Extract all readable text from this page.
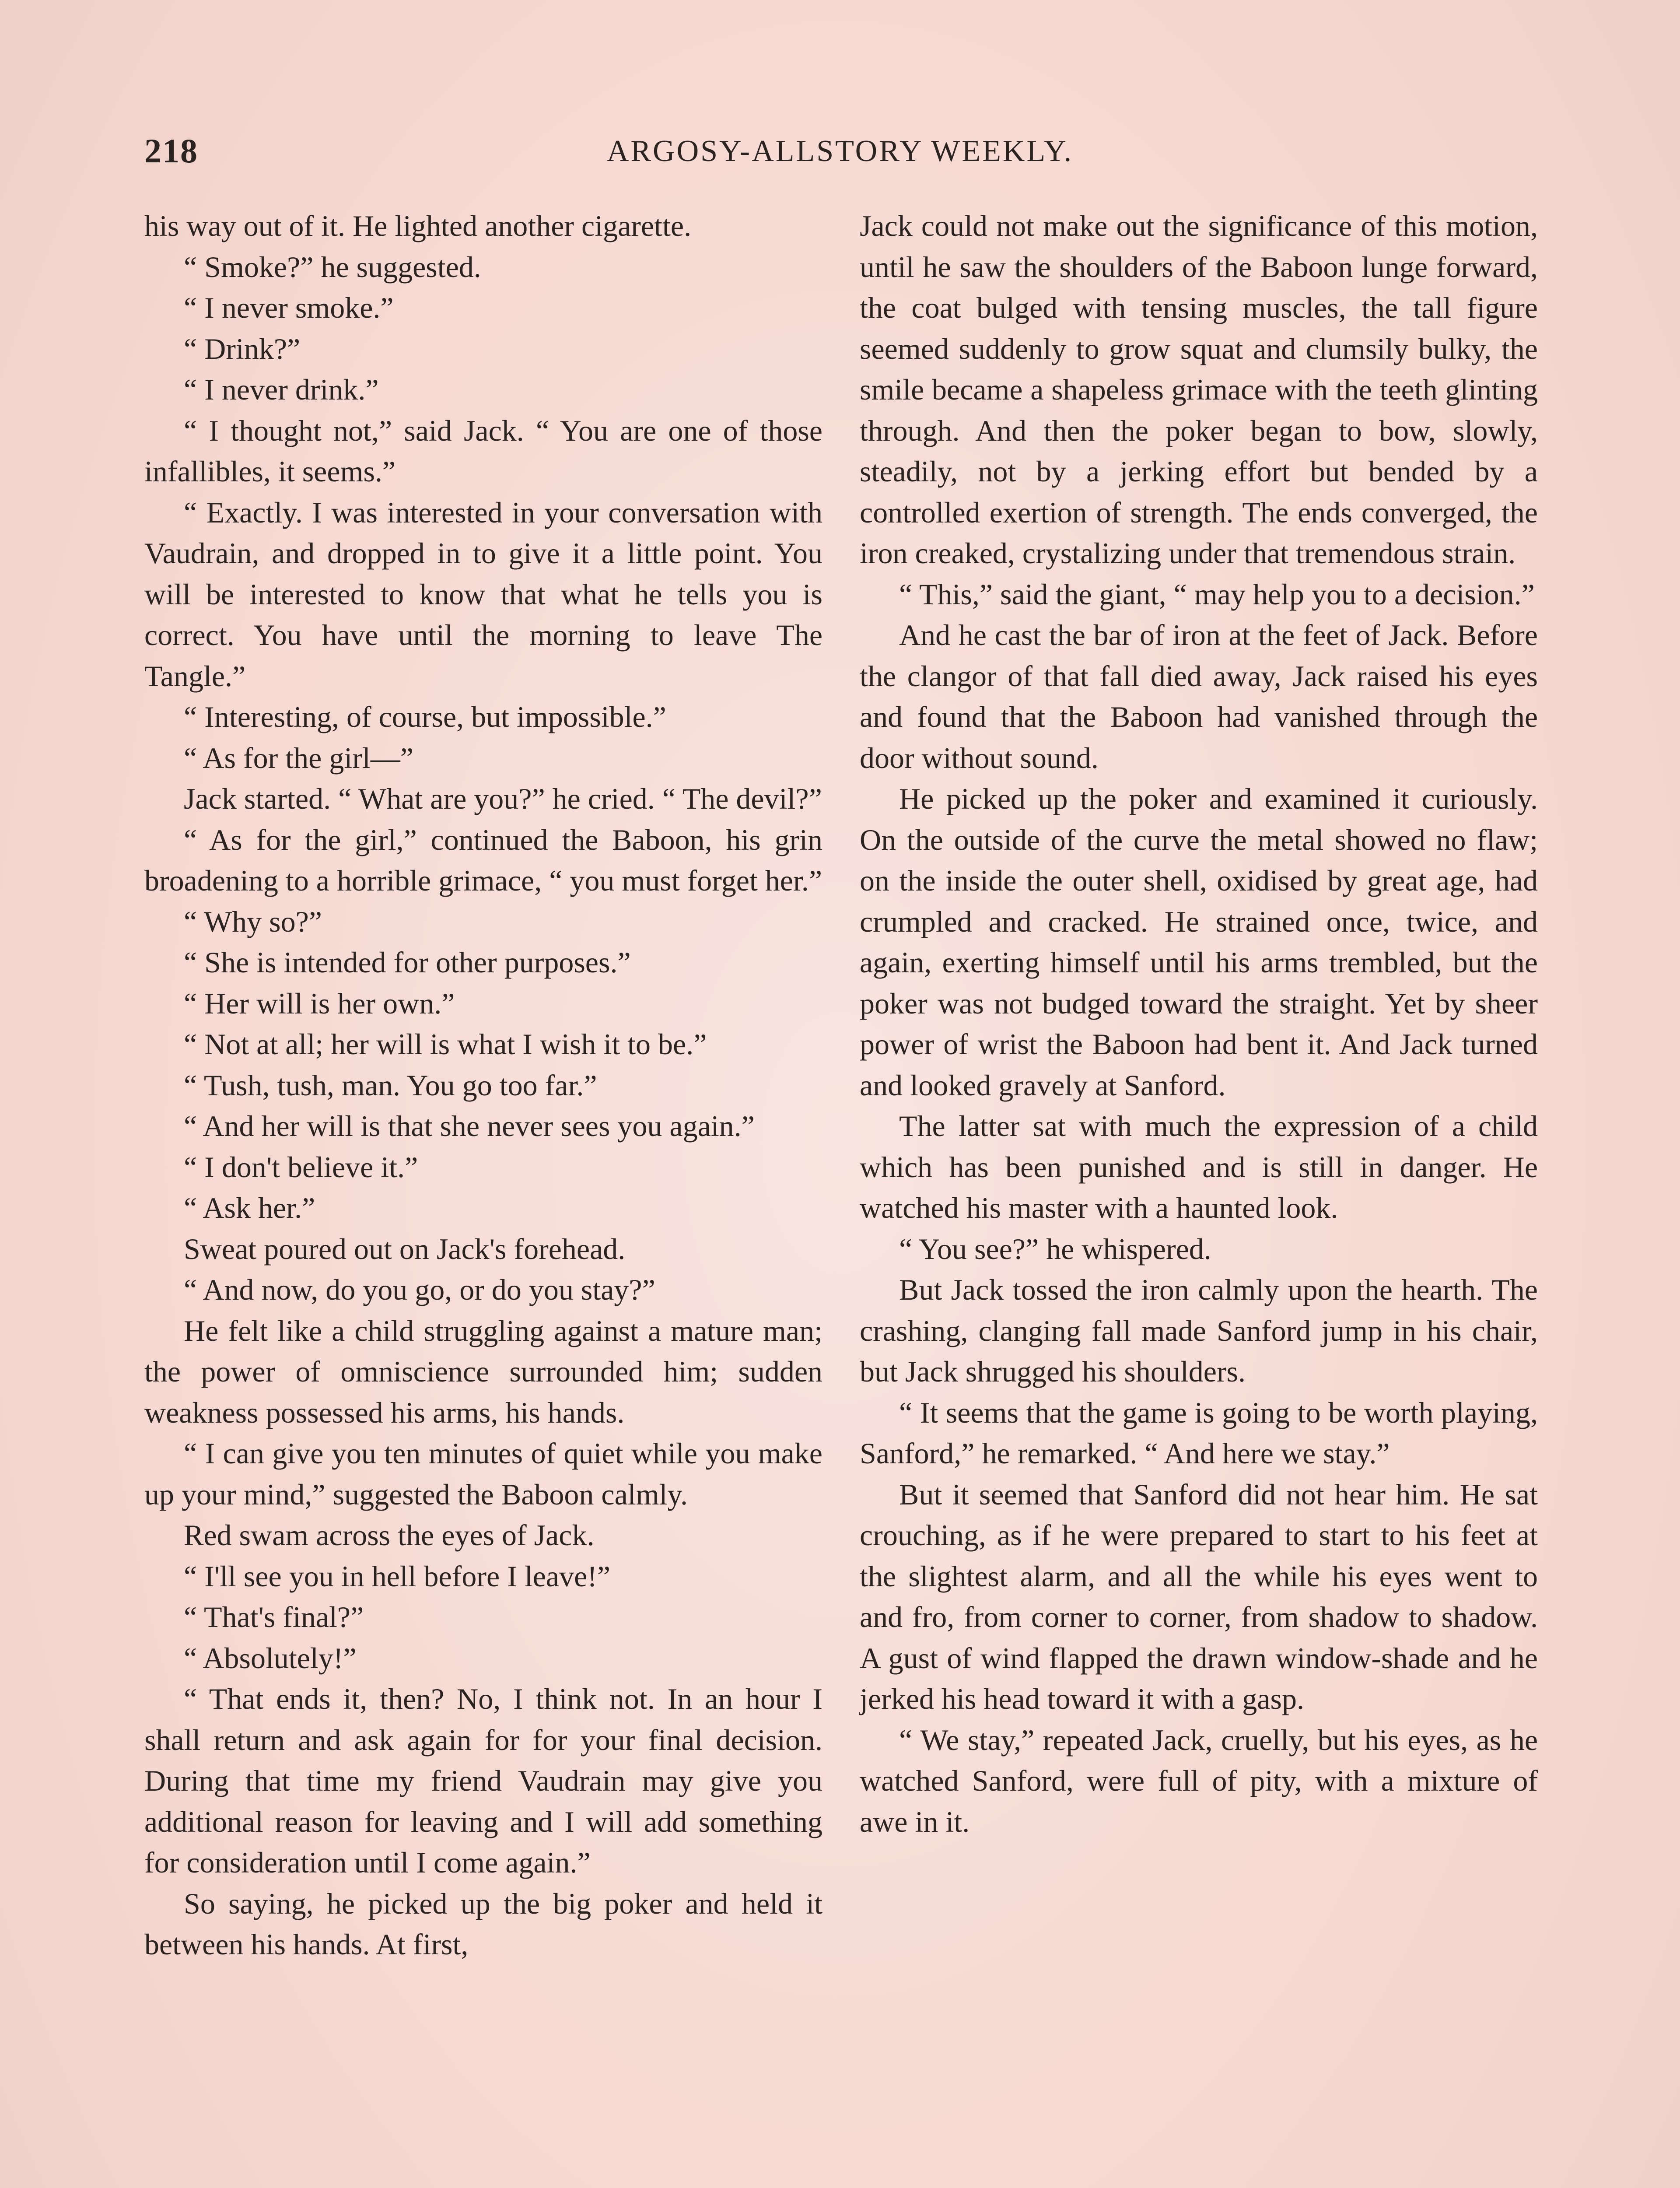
218	ARGOSY-ALLSTORY WEEKLY.

his way out of it. He lighted another cigarette.

“ Smoke?” he suggested.

“ I never smoke.”

“ Drink?”

“ I never drink.”

“ I thought not,” said Jack. “ You are one of those infallibles, it seems.”

“ Exactly. I was interested in your conversation with Vaudrain, and dropped in to give it a little point. You will be interested to know that what he tells you is correct. You have until the morning to leave The Tangle.”

“ Interesting, of course, but impossible.”

“ As for the girl—”

Jack started. “ What are you?” he cried. “ The devil?”

“ As for the girl,” continued the Baboon, his grin broadening to a horrible grimace, “ you must forget her.”

“ Why so?”

“ She is intended for other purposes.”

“ Her will is her own.”

“ Not at all; her will is what I wish it to be.”

“ Tush, tush, man. You go too far.”

“ And her will is that she never sees you again.”

“ I don't believe it.”

“ Ask her.”

Sweat poured out on Jack's forehead.

“ And now, do you go, or do you stay?”

He felt like a child struggling against a mature man; the power of omniscience surrounded him; sudden weakness possessed his arms, his hands.

“ I can give you ten minutes of quiet while you make up your mind,” suggested the Baboon calmly.

Red swam across the eyes of Jack.

“ I'll see you in hell before I leave!”

“ That's final?”

“ Absolutely!”

“ That ends it, then? No, I think not. In an hour I shall return and ask again for for your final decision. During that time my friend Vaudrain may give you additional reason for leaving and I will add something for consideration until I come again.”

So saying, he picked up the big poker and held it between his hands. At first,

Jack could not make out the significance of this motion, until he saw the shoulders of the Baboon lunge forward, the coat bulged with tensing muscles, the tall figure seemed suddenly to grow squat and clumsily bulky, the smile became a shapeless grimace with the teeth glinting through. And then the poker began to bow, slowly, steadily, not by a jerking effort but bended by a controlled exertion of strength. The ends converged, the iron creaked, crystalizing under that tremendous strain.

“ This,” said the giant, “ may help you to a decision.”

And he cast the bar of iron at the feet of Jack. Before the clangor of that fall died away, Jack raised his eyes and found that the Baboon had vanished through the door without sound.

He picked up the poker and examined it curiously. On the outside of the curve the metal showed no flaw; on the inside the outer shell, oxidised by great age, had crumpled and cracked. He strained once, twice, and again, exerting himself until his arms trembled, but the poker was not budged toward the straight. Yet by sheer power of wrist the Baboon had bent it. And Jack turned and looked gravely at Sanford.

The latter sat with much the expression of a child which has been punished and is still in danger. He watched his master with a haunted look.

“ You see?” he whispered.

But Jack tossed the iron calmly upon the hearth. The crashing, clanging fall made Sanford jump in his chair, but Jack shrugged his shoulders.

“ It seems that the game is going to be worth playing, Sanford,” he remarked. “ And here we stay.”

But it seemed that Sanford did not hear him. He sat crouching, as if he were prepared to start to his feet at the slightest alarm, and all the while his eyes went to and fro, from corner to corner, from shadow to shadow. A gust of wind flapped the drawn window-shade and he jerked his head toward it with a gasp.

“ We stay,” repeated Jack, cruelly, but his eyes, as he watched Sanford, were full of pity, with a mixture of awe in it.
